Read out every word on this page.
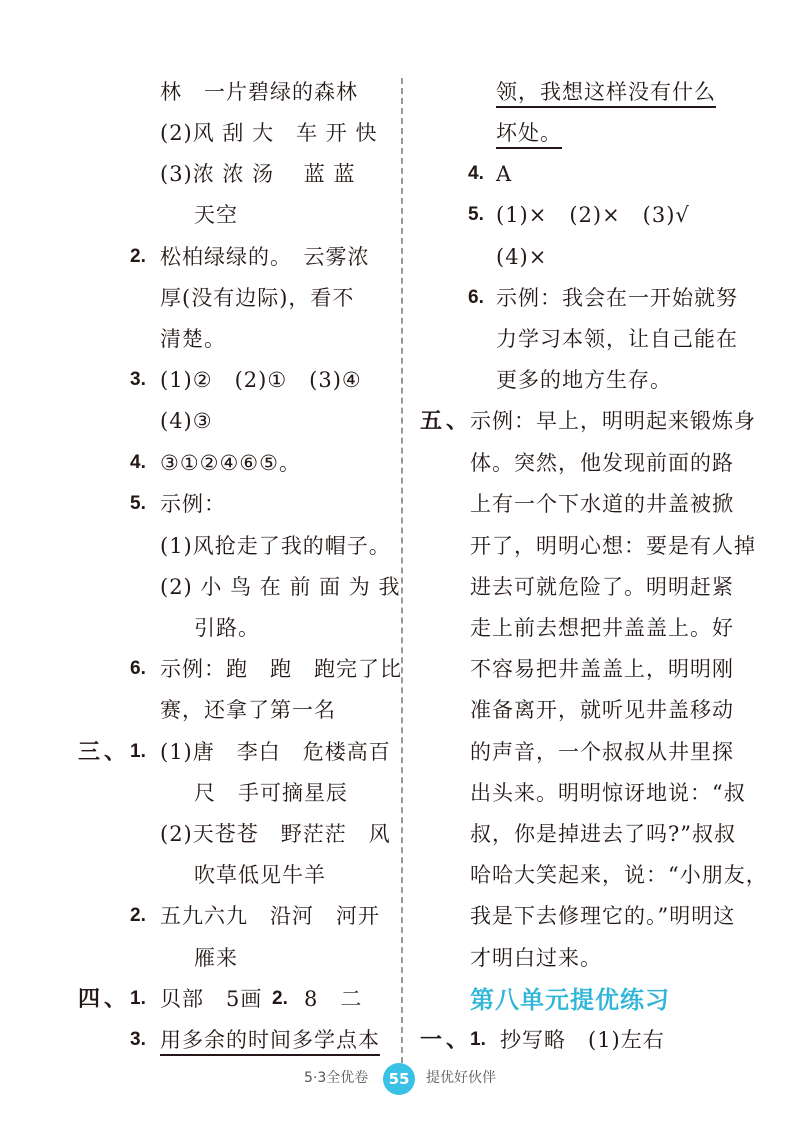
林　一片碧绿的森林
(2)风 刮 大　车 开 快
(3)浓 浓 汤　 蓝 蓝
天空
2. 松柏绿绿的。　云雾浓
厚(没有边际)，看不
清楚。
3. (1)②　(2)①　(3)④
(4)③
4. ③①②④⑥⑤。
5. 示例：
(1)风抢走了我的帽子。
(2) 小 鸟 在 前 面 为 我
引路。
6. 示例：跑　跑　跑完了比
赛，还拿了第一名
三、 1. (1)唐　李白　危楼高百
尺　手可摘星辰
(2)天苍苍　野茫茫　风
吹草低见牛羊
2. 五九六九　沿河　河开
雁来
四、 1. 贝部　5画 2. 8　二
3. 用多余的时间多学点本
领，我想这样没有什么
坏处。
4. A
5. (1)×　(2)×　(3)√
(4)×
6. 示例：我会在一开始就努
力学习本领，让自己能在
更多的地方生存。
五、
示例：早上，明明起来锻炼身
体。突然，他发现前面的路
上有一个下水道的井盖被掀
开了，明明心想：要是有人掉
进去可就危险了。明明赶紧
走上前去想把井盖盖上。好
不容易把井盖盖上，明明刚
准备离开，就听见井盖移动
的声音，一个叔叔从井里探
出头来。明明惊讶地说：“叔
叔，你是掉进去了吗?”叔叔
哈哈大笑起来，说：“小朋友，
我是下去修理它的。”明明这
才明白过来。
第八单元提优练习
一、
1. 抄写略　(1)左右
5·3全优卷	55	提优好伙伴
